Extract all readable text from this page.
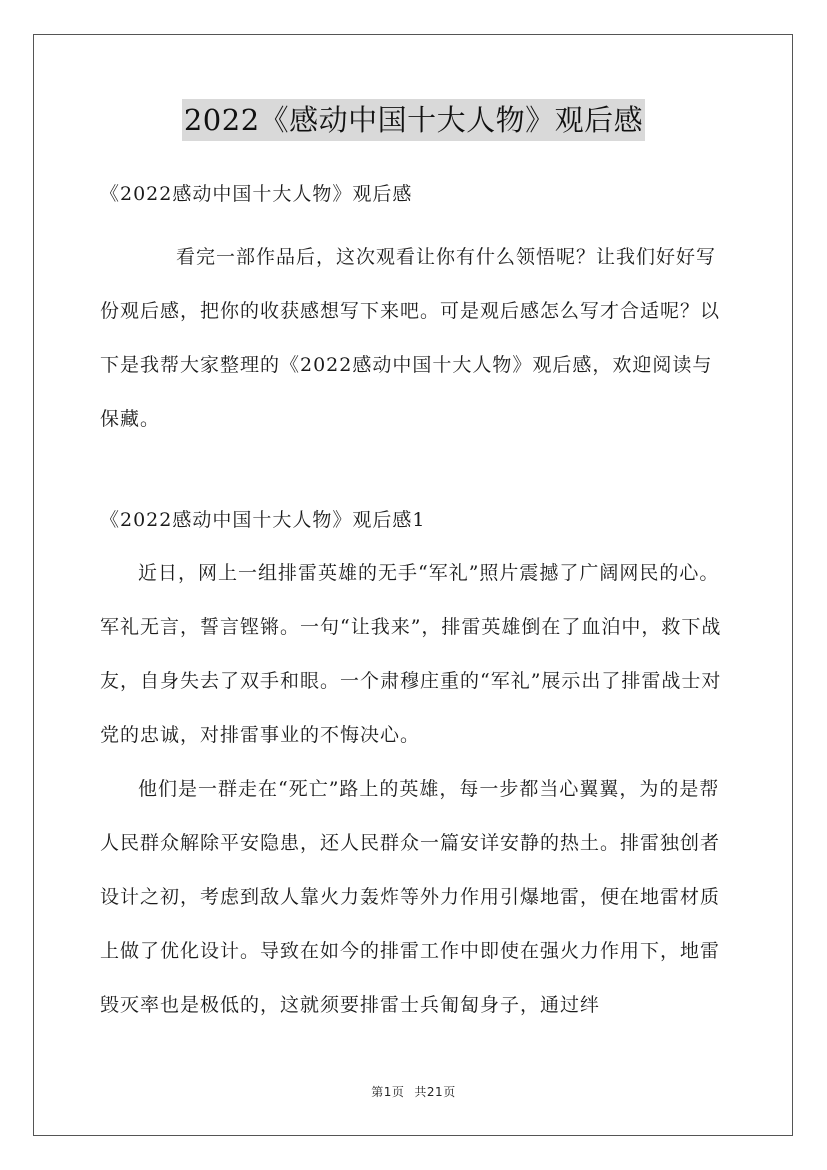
2022《感动中国十大人物》观后感
《2022感动中国十大人物》观后感
看完一部作品后，这次观看让你有什么领悟呢？让我们好好写份观后感，把你的收获感想写下来吧。可是观后感怎么写才合适呢？以下是我帮大家整理的《2022感动中国十大人物》观后感，欢迎阅读与保藏。
《2022感动中国十大人物》观后感1
近日，网上一组排雷英雄的无手“军礼”照片震撼了广阔网民的心。军礼无言，誓言铿锵。一句“让我来”，排雷英雄倒在了血泊中，救下战友，自身失去了双手和眼。一个肃穆庄重的“军礼”展示出了排雷战士对党的忠诚，对排雷事业的不悔决心。
他们是一群走在“死亡”路上的英雄，每一步都当心翼翼，为的是帮人民群众解除平安隐患，还人民群众一篇安详安静的热土。排雷独创者设计之初，考虑到敌人靠火力轰炸等外力作用引爆地雷，便在地雷材质上做了优化设计。导致在如今的排雷工作中即使在强火力作用下，地雷毁灭率也是极低的，这就须要排雷士兵匍匐身子，通过绊
第1页 共21页
